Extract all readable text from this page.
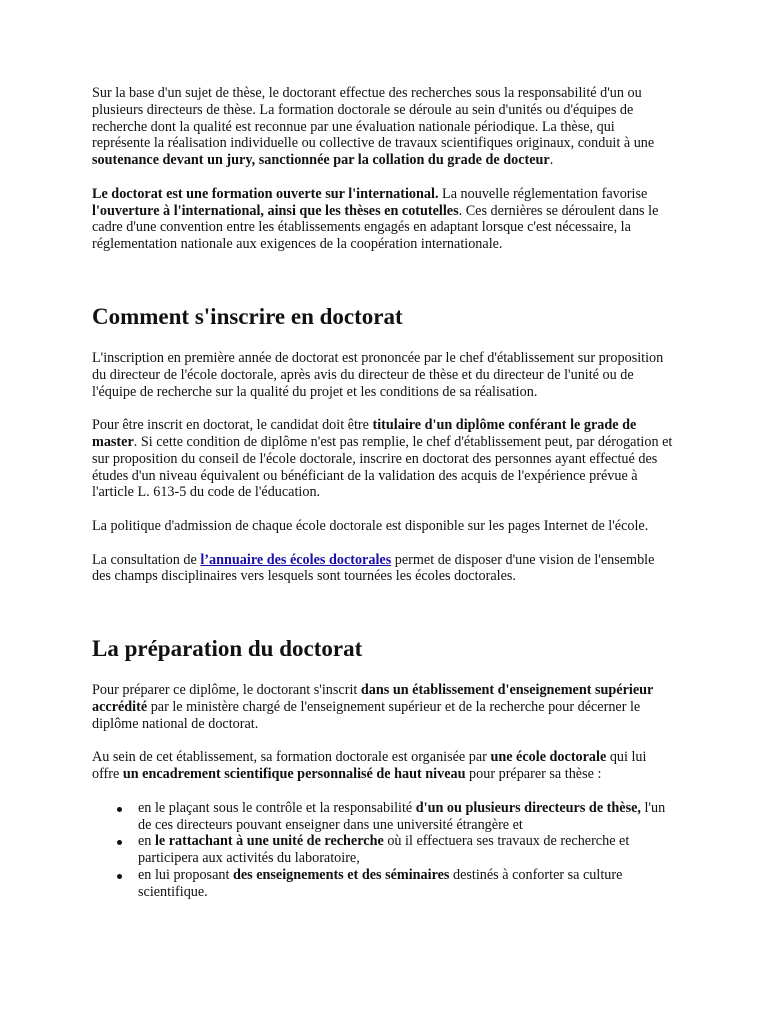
Sur la base d'un sujet de thèse, le doctorant effectue des recherches sous la responsabilité d'un ou plusieurs directeurs de thèse. La formation doctorale se déroule au sein d'unités ou d'équipes de recherche dont la qualité est reconnue par une évaluation nationale périodique. La thèse, qui représente la réalisation individuelle ou collective de travaux scientifiques originaux, conduit à une soutenance devant un jury, sanctionnée par la collation du grade de docteur.

Le doctorat est une formation ouverte sur l'international. La nouvelle réglementation favorise l'ouverture à l'international, ainsi que les thèses en cotutelles. Ces dernières se déroulent dans le cadre d'une convention entre les établissements engagés en adaptant lorsque c'est nécessaire, la réglementation nationale aux exigences de la coopération internationale.

Comment s'inscrire en doctorat

L'inscription en première année de doctorat est prononcée par le chef d'établissement sur proposition du directeur de l'école doctorale, après avis du directeur de thèse et du directeur de l'unité ou de l'équipe de recherche sur la qualité du projet et les conditions de sa réalisation.

Pour être inscrit en doctorat, le candidat doit être titulaire d'un diplôme conférant le grade de master. Si cette condition de diplôme n'est pas remplie, le chef d'établissement peut, par dérogation et sur proposition du conseil de l'école doctorale, inscrire en doctorat des personnes ayant effectué des études d'un niveau équivalent ou bénéficiant de la validation des acquis de l'expérience prévue à l'article L. 613-5 du code de l'éducation.

La politique d'admission de chaque école doctorale est disponible sur les pages Internet de l'école.

La consultation de l’annuaire des écoles doctorales permet de disposer d'une vision de l'ensemble des champs disciplinaires vers lesquels sont tournées les écoles doctorales.

La préparation du doctorat

Pour préparer ce diplôme, le doctorant s'inscrit dans un établissement d'enseignement supérieur accrédité par le ministère chargé de l'enseignement supérieur et de la recherche pour décerner le diplôme national de doctorat.

Au sein de cet établissement, sa formation doctorale est organisée par une école doctorale qui lui offre un encadrement scientifique personnalisé de haut niveau pour préparer sa thèse :

en le plaçant sous le contrôle et la responsabilité d'un ou plusieurs directeurs de thèse, l'un de ces directeurs pouvant enseigner dans une université étrangère et
en le rattachant à une unité de recherche où il effectuera ses travaux de recherche et participera aux activités du laboratoire,
en lui proposant des enseignements et des séminaires destinés à conforter sa culture scientifique.
